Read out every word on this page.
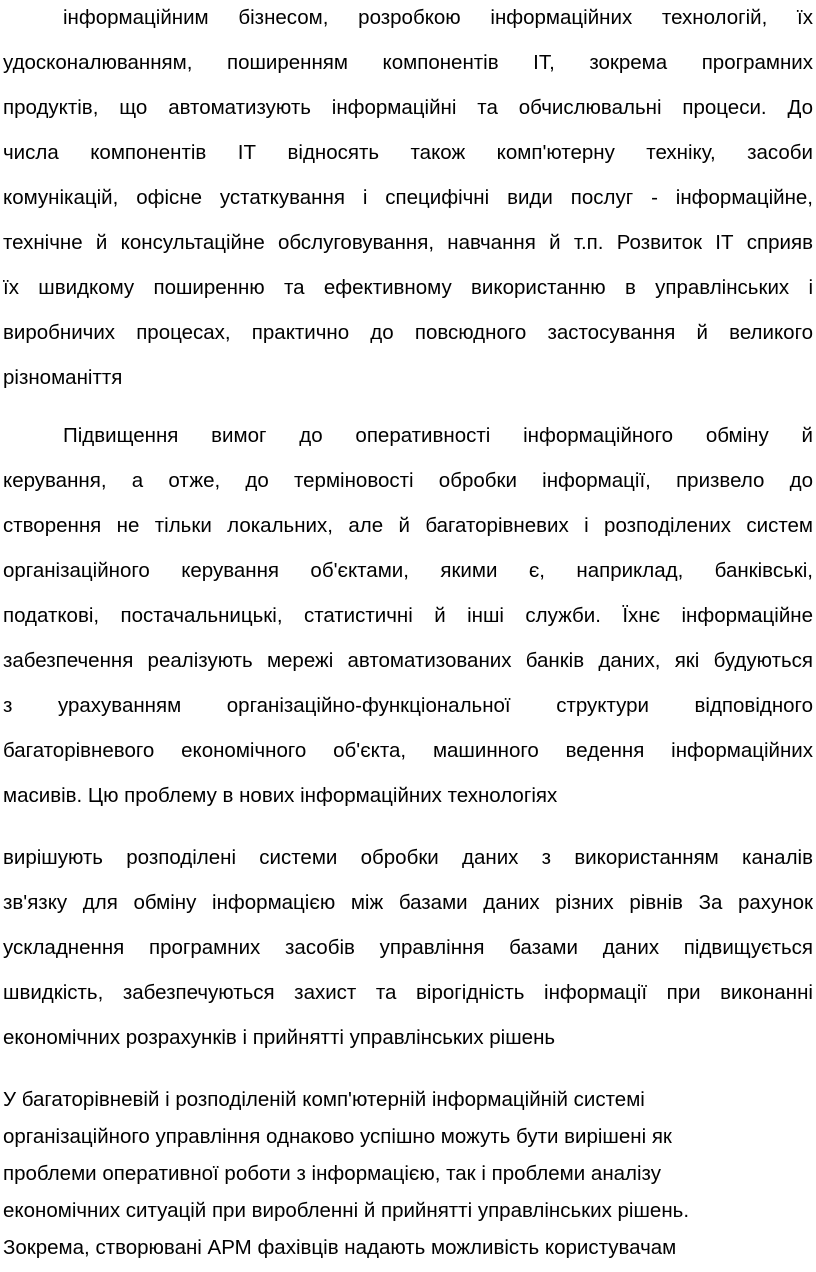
інформаційним бізнесом, розробкою інформаційних технологій, їх
удосконалюванням, поширенням компонентів ІТ, зокрема програмних
продуктів, що автоматизують інформаційні та обчислювальні процеси. До
числа компонентів ІТ відносять також комп'ютерну техніку, засоби
комунікацій, офісне устаткування і специфічні види послуг - інформаційне,
технічне й консультаційне обслуговування, навчання й т.п. Розвиток ІТ сприяв
їх швидкому поширенню та ефективному використанню в управлінських і
виробничих процесах, практично до повсюдного застосування й великого
різноманіття
Підвищення вимог до оперативності інформаційного обміну й
керування, а отже, до терміновості обробки інформації, призвело до
створення не тільки локальних, але й багаторівневих і розподілених систем
організаційного керування об'єктами, якими є, наприклад, банківські,
податкові, постачальницькі, статистичні й інші служби. Їхнє інформаційне
забезпечення реалізують мережі автоматизованих банків даних, які будуються
з урахуванням організаційно-функціональної структури відповідного
багаторівневого економічного об'єкта, машинного ведення інформаційних
масивів. Цю проблему в нових інформаційних технологіях
вирішують розподілені системи обробки даних з використанням каналів
зв'язку для обміну інформацією між базами даних різних рівнів За рахунок
ускладнення програмних засобів управління базами даних підвищується
швидкість, забезпечуються захист та вірогідність інформації при виконанні
економічних розрахунків і прийнятті управлінських рішень
У багаторівневій і розподіленій комп'ютерній інформаційній системі
організаційного управління однаково успішно можуть бути вирішені як
проблеми оперативної роботи з інформацією, так і проблеми аналізу
економічних ситуацій при виробленні й прийнятті управлінських рішень.
Зокрема, створювані АРМ фахівців надають можливість користувачам
